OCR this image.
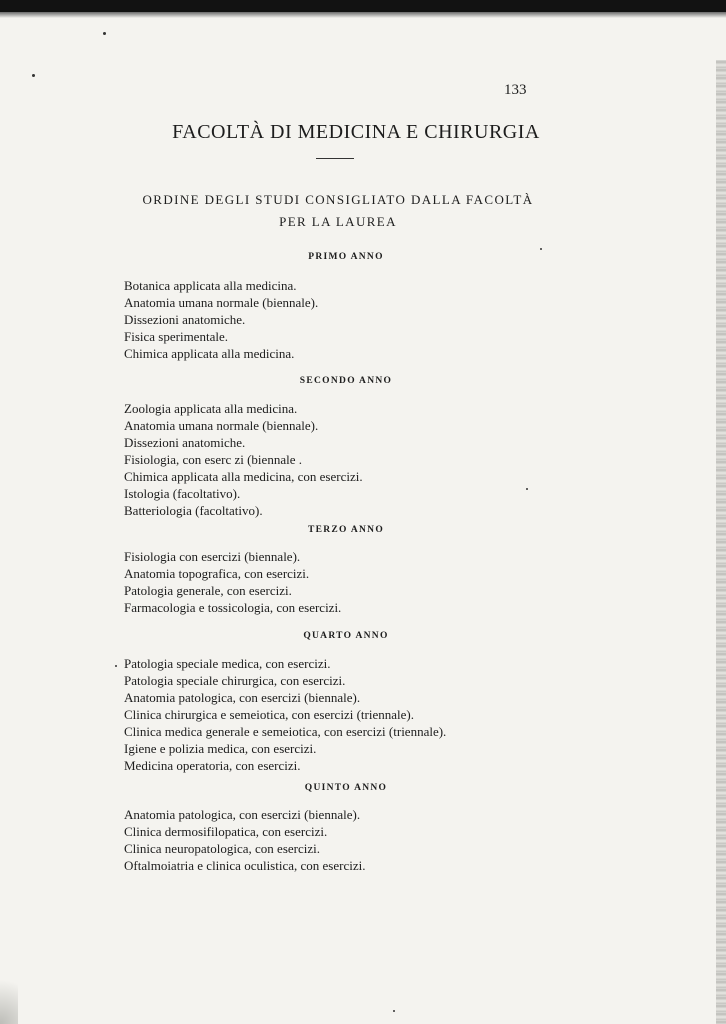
133
FACOLTÀ DI MEDICINA E CHIRURGIA
ORDINE DEGLI STUDI CONSIGLIATO DALLA FACOLTÀ
PER LA LAUREA
PRIMO ANNO
Botanica applicata alla medicina.
Anatomia umana normale (biennale).
Dissezioni anatomiche.
Fisica sperimentale.
Chimica applicata alla medicina.
SECONDO ANNO
Zoologia applicata alla medicina.
Anatomia umana normale (biennale).
Dissezioni anatomiche.
Fisiologia, con eserc zi (biennale .
Chimica applicata alla medicina, con esercizi.
Istologia (facoltativo).
Batteriologia (facoltativo).
TERZO ANNO
Fisiologia con esercizi (biennale).
Anatomia topografica, con esercizi.
Patologia generale, con esercizi.
Farmacologia e tossicologia, con esercizi.
QUARTO ANNO
Patologia speciale medica, con esercizi.
Patologia speciale chirurgica, con esercizi.
Anatomia patologica, con esercizi (biennale).
Clinica chirurgica e semeiotica, con esercizi (triennale).
Clinica medica generale e semeiotica, con esercizi (triennale).
Igiene e polizia medica, con esercizi.
Medicina operatoria, con esercizi.
QUINTO ANNO
Anatomia patologica, con esercizi (biennale).
Clinica dermosifilopatica, con esercizi.
Clinica neuropatologica, con esercizi.
Oftalmoiatria e clinica oculistica, con esercizi.
